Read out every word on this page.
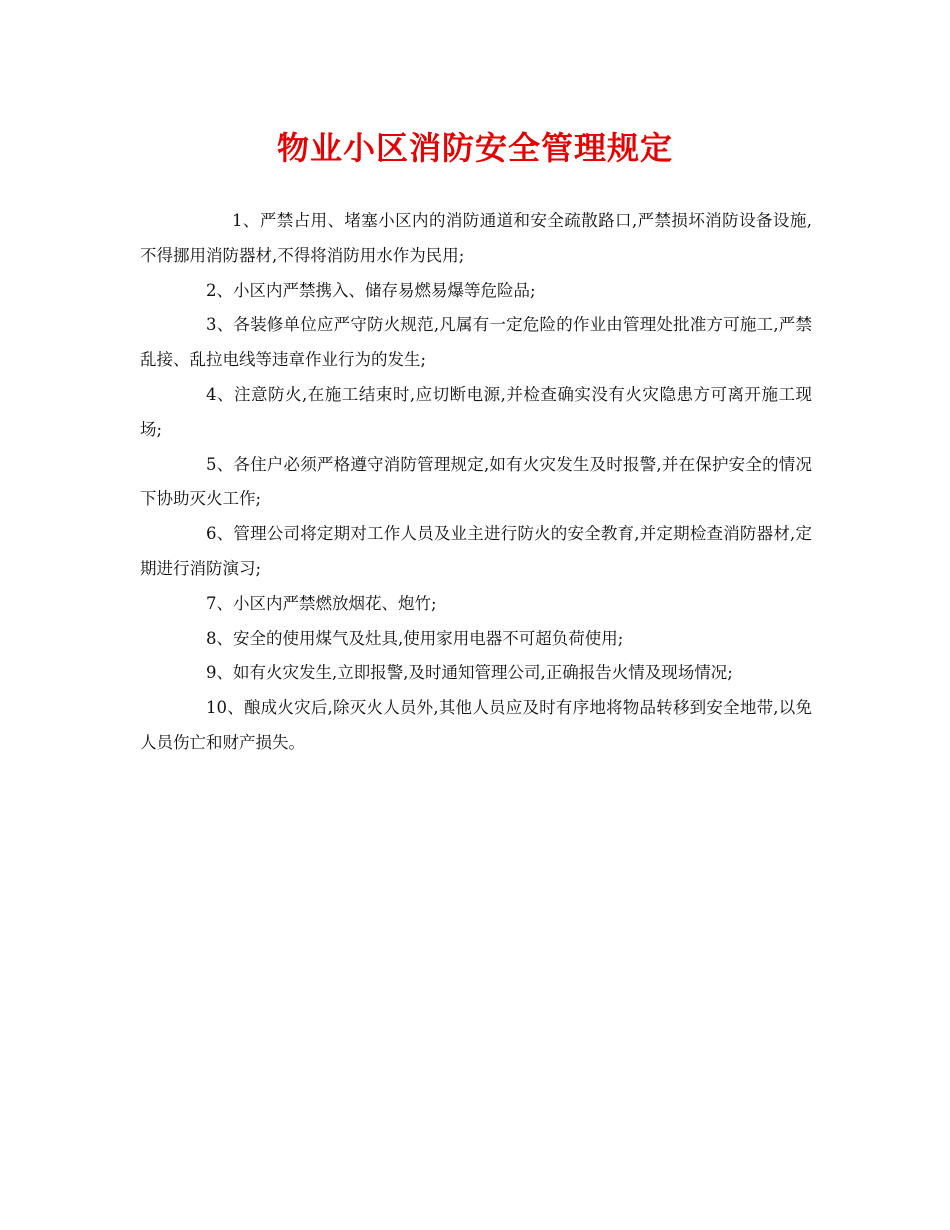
物业小区消防安全管理规定

1、严禁占用、堵塞小区内的消防通道和安全疏散路口,严禁损坏消防设备设施,不得挪用消防器材,不得将消防用水作为民用;

2、小区内严禁携入、储存易燃易爆等危险品;

3、各装修单位应严守防火规范,凡属有一定危险的作业由管理处批准方可施工,严禁乱接、乱拉电线等违章作业行为的发生;

4、注意防火,在施工结束时,应切断电源,并检查确实没有火灾隐患方可离开施工现场;

5、各住户必须严格遵守消防管理规定,如有火灾发生及时报警,并在保护安全的情况下协助灭火工作;

6、管理公司将定期对工作人员及业主进行防火的安全教育,并定期检查消防器材,定期进行消防演习;

7、小区内严禁燃放烟花、炮竹;

8、安全的使用煤气及灶具,使用家用电器不可超负荷使用;

9、如有火灾发生,立即报警,及时通知管理公司,正确报告火情及现场情况;

10、酿成火灾后,除灭火人员外,其他人员应及时有序地将物品转移到安全地带,以免人员伤亡和财产损失。
